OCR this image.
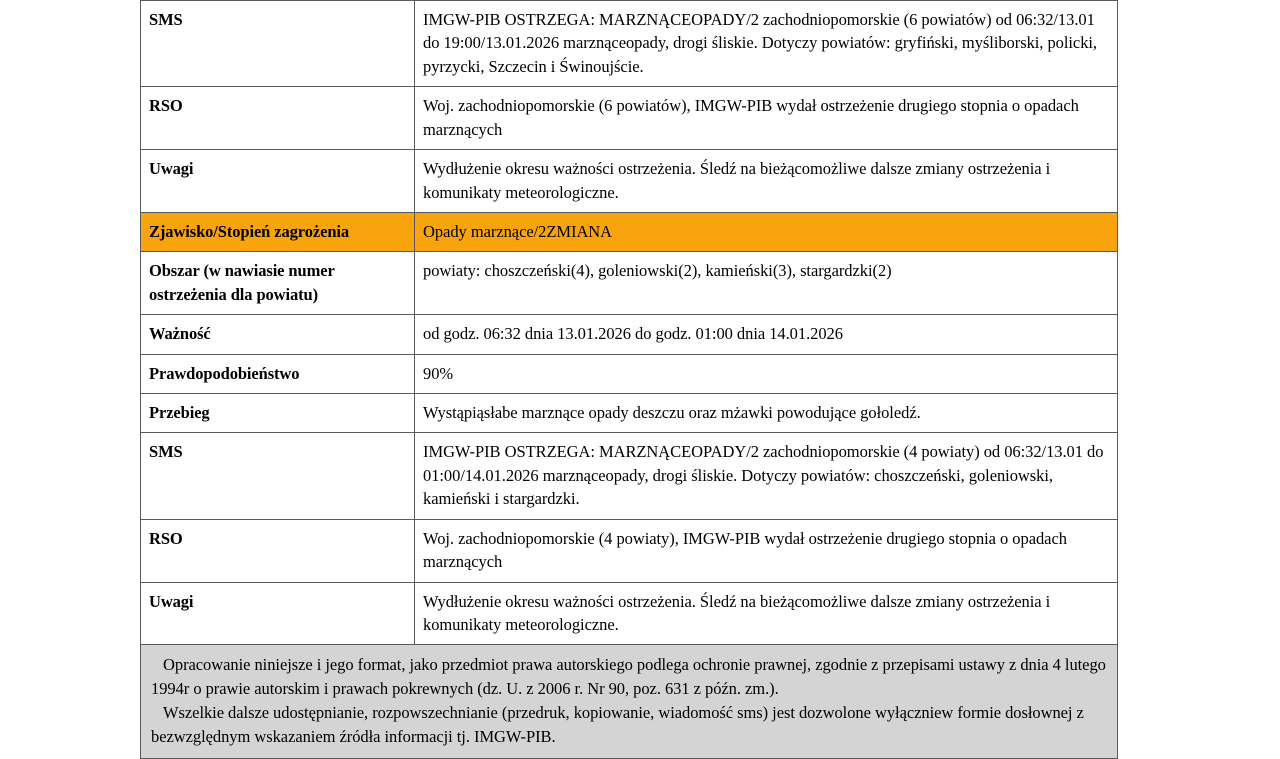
SMS	IMGW-PIB OSTRZEGA: MARZNĄCEOPADY/2 zachodniopomorskie (6 powiatów) od 06:32/13.01 do 19:00/13.01.2026 marznąceopady, drogi śliskie. Dotyczy powiatów: gryfiński, myśliborski, policki, pyrzycki, Szczecin i Świnoujście.
RSO	Woj. zachodniopomorskie (6 powiatów), IMGW-PIB wydał ostrzeżenie drugiego stopnia o opadach marznących
Uwagi	Wydłużenie okresu ważności ostrzeżenia. Śledź na bieżącomożliwe dalsze zmiany ostrzeżenia i komunikaty meteorologiczne.
Zjawisko/Stopień zagrożenia	Opady marznące/2ZMIANA
Obszar (w nawiasie numer ostrzeżenia dla powiatu)	powiaty: choszczeński(4), goleniowski(2), kamieński(3), stargardzki(2)
Ważność	od godz. 06:32 dnia 13.01.2026 do godz. 01:00 dnia 14.01.2026
Prawdopodobieństwo	90%
Przebieg	Wystąpiąsłabe marznące opady deszczu oraz mżawki powodujące gołoledź.
SMS	IMGW-PIB OSTRZEGA: MARZNĄCEOPADY/2 zachodniopomorskie (4 powiaty) od 06:32/13.01 do 01:00/14.01.2026 marznąceopady, drogi śliskie. Dotyczy powiatów: choszczeński, goleniowski, kamieński i stargardzki.
RSO	Woj. zachodniopomorskie (4 powiaty), IMGW-PIB wydał ostrzeżenie drugiego stopnia o opadach marznących
Uwagi	Wydłużenie okresu ważności ostrzeżenia. Śledź na bieżącomożliwe dalsze zmiany ostrzeżenia i komunikaty meteorologiczne.

Opracowanie niniejsze i jego format, jako przedmiot prawa autorskiego podlega ochronie prawnej, zgodnie z przepisami ustawy z dnia 4 lutego 1994r o prawie autorskim i prawach pokrewnych (dz. U. z 2006 r. Nr 90, poz. 631 z późn. zm.).

Wszelkie dalsze udostępnianie, rozpowszechnianie (przedruk, kopiowanie, wiadomość sms) jest dozwolone wyłączniew formie dosłownej z bezwzględnym wskazaniem źródła informacji tj. IMGW-PIB.
